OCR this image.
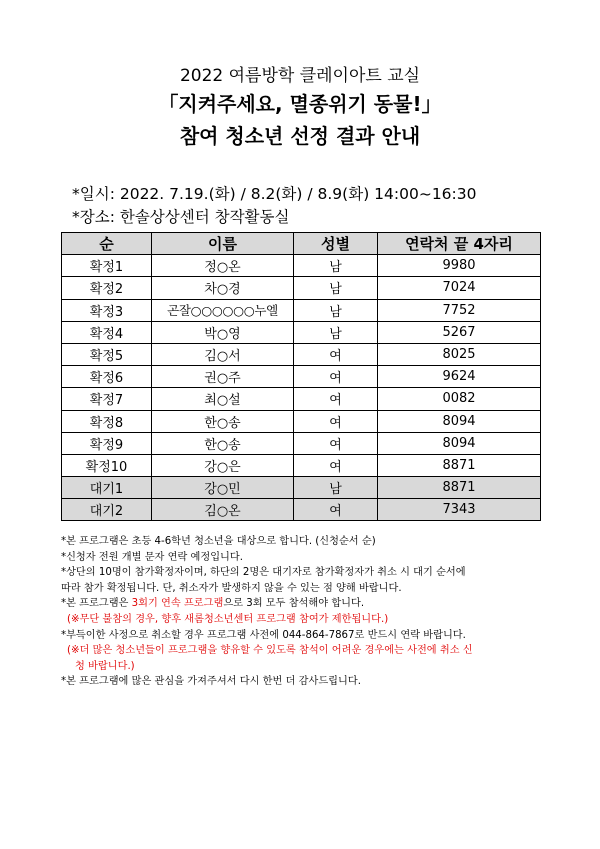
2022 여름방학 클레이아트 교실
「지켜주세요, 멸종위기 동물!」
참여 청소년 선정 결과 안내
*일시: 2022. 7.19.(화) / 8.2(화) / 8.9(화) 14:00~16:30
*장소: 한솔상상센터 창작활동실
순	이름	성별	연락처 끝 4자리
확정1	정○온	남	9980
확정2	차○경	남	7024
확정3	곤잘○○○○○○누엘	남	7752
확정4	박○영	남	5267
확정5	김○서	여	8025
확정6	권○주	여	9624
확정7	최○설	여	0082
확정8	한○송	여	8094
확정9	한○송	여	8094
확정10	강○은	여	8871
대기1	강○민	남	8871
대기2	김○온	여	7343

*본 프로그램은 초등 4-6학년 청소년을 대상으로 합니다. (신청순서 순)

*신청자 전원 개별 문자 연락 예정입니다.

*상단의 10명이 참가확정자이며, 하단의 2명은 대기자로 참가확정자가 취소 시 대기 순서에

따라 참가 확정됩니다. 단, 취소자가 발생하지 않을 수 있는 점 양해 바랍니다.

*본 프로그램은 3회기 연속 프로그램으로 3회 모두 참석해야 합니다.

(※무단 불참의 경우, 향후 새롬청소년센터 프로그램 참여가 제한됩니다.)

*부득이한 사정으로 취소할 경우 프로그램 사전에 044-864-7867로 반드시 연락 바랍니다.

(※더 많은 청소년들이 프로그램을 향유할 수 있도록 참석이 어려운 경우에는 사전에 취소 신

청 바랍니다.)

*본 프로그램에 많은 관심을 가져주셔서 다시 한번 더 감사드립니다.
